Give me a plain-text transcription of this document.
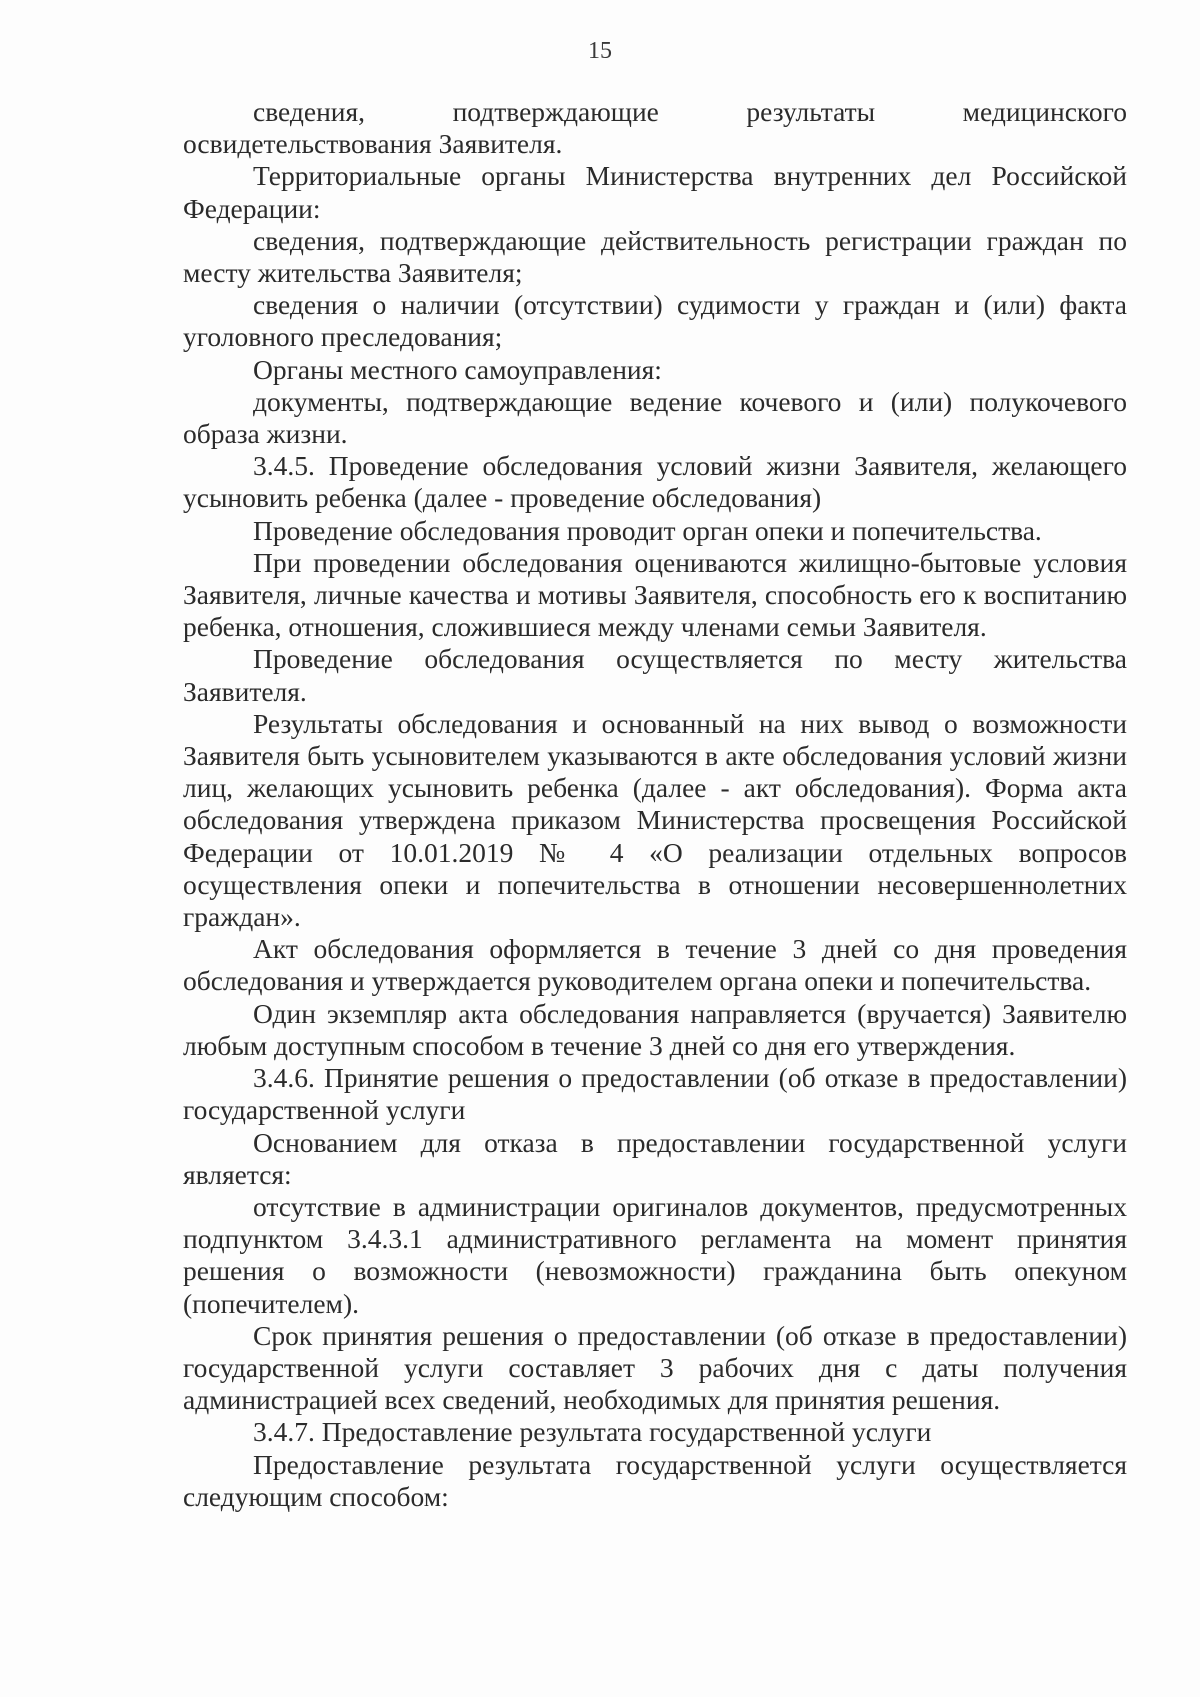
15

сведения, подтверждающие результаты медицинского освидетельствования Заявителя.

Территориальные органы Министерства внутренних дел Российской Федерации:

сведения, подтверждающие действительность регистрации граждан по месту жительства Заявителя;

сведения о наличии (отсутствии) судимости у граждан и (или) факта уголовного преследования;

Органы местного самоуправления:

документы, подтверждающие ведение кочевого и (или) полукочевого образа жизни.

3.4.5. Проведение обследования условий жизни Заявителя, желающего усыновить ребенка (далее - проведение обследования)

Проведение обследования проводит орган опеки и попечительства.

При проведении обследования оцениваются жилищно-бытовые условия Заявителя, личные качества и мотивы Заявителя, способность его к воспитанию ребенка, отношения, сложившиеся между членами семьи Заявителя.

Проведение обследования осуществляется по месту жительства Заявителя.

Результаты обследования и основанный на них вывод о возможности Заявителя быть усыновителем указываются в акте обследования условий жизни лиц, желающих усыновить ребенка (далее - акт обследования). Форма акта обследования утверждена приказом Министерства просвещения Российской Федерации от 10.01.2019 № 4 «О реализации отдельных вопросов осуществления опеки и попечительства в отношении несовершеннолетних граждан».

Акт обследования оформляется в течение 3 дней со дня проведения обследования и утверждается руководителем органа опеки и попечительства.

Один экземпляр акта обследования направляется (вручается) Заявителю любым доступным способом в течение 3 дней со дня его утверждения.

3.4.6. Принятие решения о предоставлении (об отказе в предоставлении) государственной услуги

Основанием для отказа в предоставлении государственной услуги является:

отсутствие в администрации оригиналов документов, предусмотренных подпунктом 3.4.3.1 административного регламента на момент принятия решения о возможности (невозможности) гражданина быть опекуном (попечителем).

Срок принятия решения о предоставлении (об отказе в предоставлении) государственной услуги составляет 3 рабочих дня с даты получения администрацией всех сведений, необходимых для принятия решения.

3.4.7. Предоставление результата государственной услуги

Предоставление результата государственной услуги осуществляется следующим способом:
